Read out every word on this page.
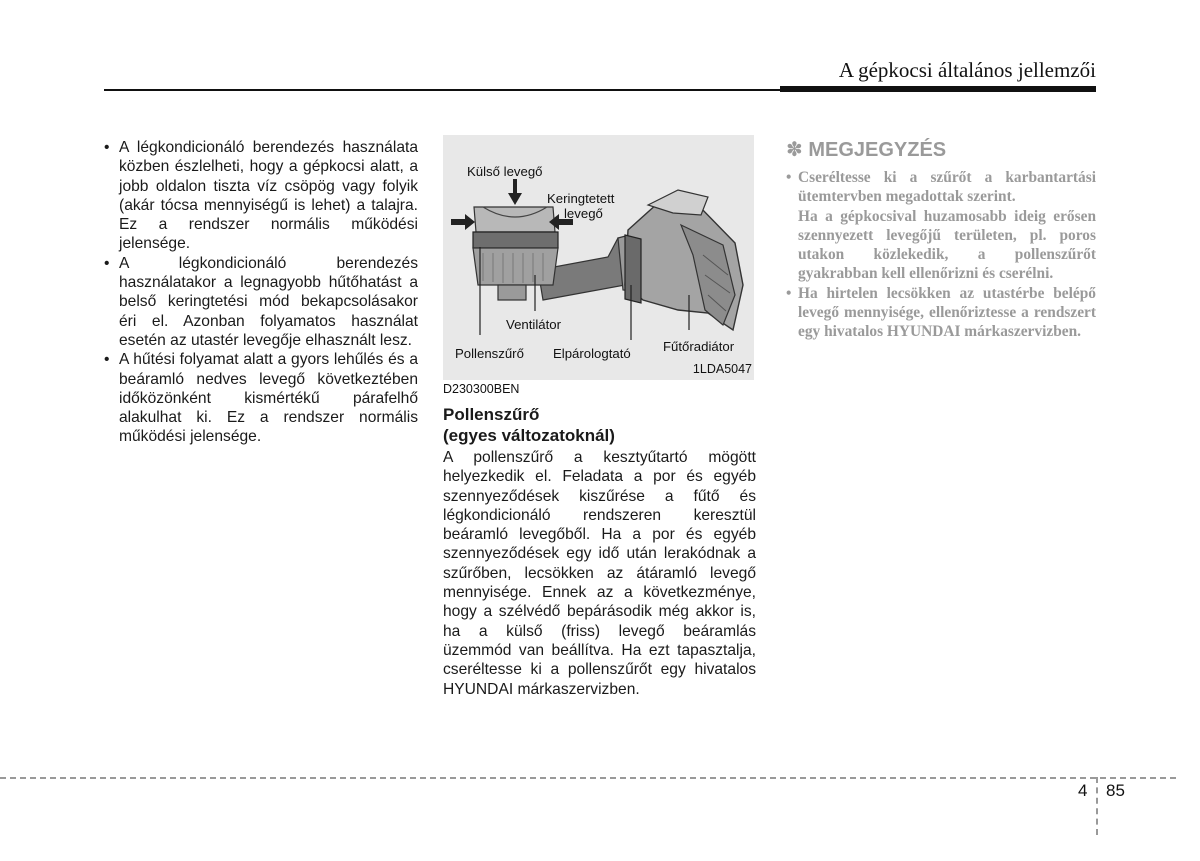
A gépkocsi általános jellemzői

• A légkondicionáló berendezés használata közben észlelheti, hogy a gépkocsi alatt, a jobb oldalon tiszta víz csöpög vagy folyik (akár tócsa mennyiségű is lehet) a talajra. Ez a rendszer normális működési jelensége.

• A légkondicionáló berendezés használatakor a legnagyobb hűtőhatást a belső keringtetési mód bekapcsolásakor éri el. Azonban folyamatos használat esetén az utastér levegője elhasznált lesz.

• A hűtési folyamat alatt a gyors lehűlés és a beáramló nedves levegő következtében időközönként kismértékű párafelhő alakulhat ki. Ez a rendszer normális működési jelensége.

Külső levegő
Keringtetett
levegő
Ventilátor
Pollenszűrő Elpárologtató Fűtőradiátor
1LDA5047
D230300BEN
Pollenszűrő
(egyes változatoknál)
A pollenszűrő a kesztyűtartó mögött helyezkedik el. Feladata a por és egyéb szennyeződések kiszűrése a fűtő és légkondicionáló rendszeren keresztül beáramló levegőből. Ha a por és egyéb szennyeződések egy idő után lerakódnak a szűrőben, lecsökken az átáramló levegő mennyisége. Ennek az a következménye, hogy a szélvédő bepárásodik még akkor is, ha a külső (friss) levegő beáramlás üzemmód van beállítva. Ha ezt tapasztalja, cseréltesse ki a pollenszűrőt egy hivatalos HYUNDAI márkaszervizben.
✽ MEGJEGYZÉS
• Cseréltesse ki a szűrőt a karbantartási ütemtervben megadottak szerint.
Ha a gépkocsival huzamosabb ideig erősen szennyezett levegőjű területen, pl. poros utakon közlekedik, a pollenszűrőt gyakrabban kell ellenőrizni és cserélni.
• Ha hirtelen lecsökken az utastérbe belépő levegő mennyisége, ellenőriztesse a rendszert egy hivatalos HYUNDAI márkaszervizben.
4 85
